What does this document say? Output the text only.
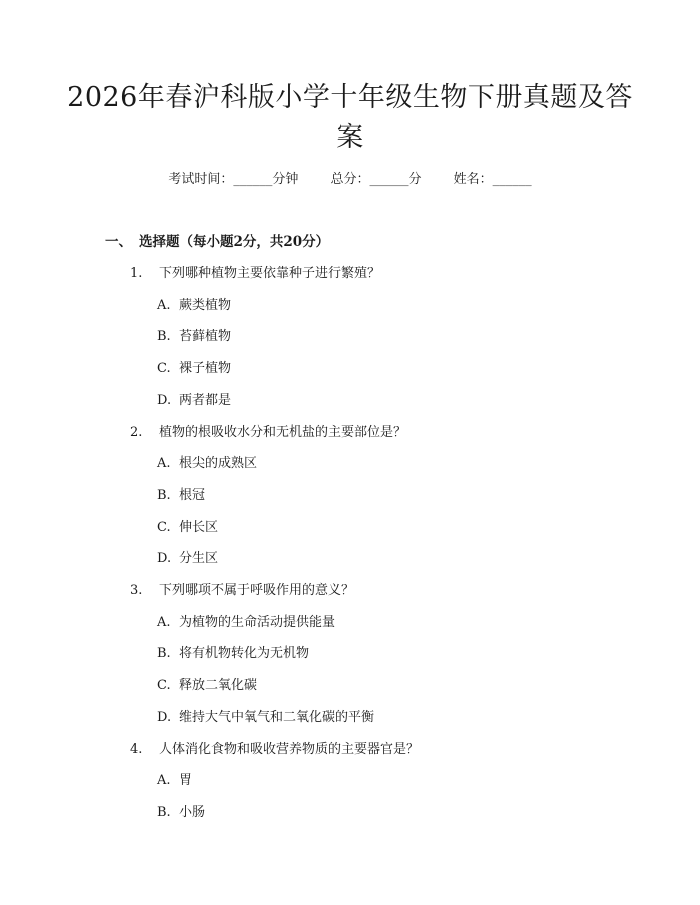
2026年春沪科版小学十年级生物下册真题及答案
考试时间：______分钟 总分：______分 姓名：______
一、 选择题（每小题2分，共20分）
1. 下列哪种植物主要依靠种子进行繁殖？
A. 蕨类植物
B. 苔藓植物
C. 裸子植物
D. 两者都是
2. 植物的根吸收水分和无机盐的主要部位是？
A. 根尖的成熟区
B. 根冠
C. 伸长区
D. 分生区
3. 下列哪项不属于呼吸作用的意义？
A. 为植物的生命活动提供能量
B. 将有机物转化为无机物
C. 释放二氧化碳
D. 维持大气中氧气和二氧化碳的平衡
4. 人体消化食物和吸收营养物质的主要器官是？
A. 胃
B. 小肠
